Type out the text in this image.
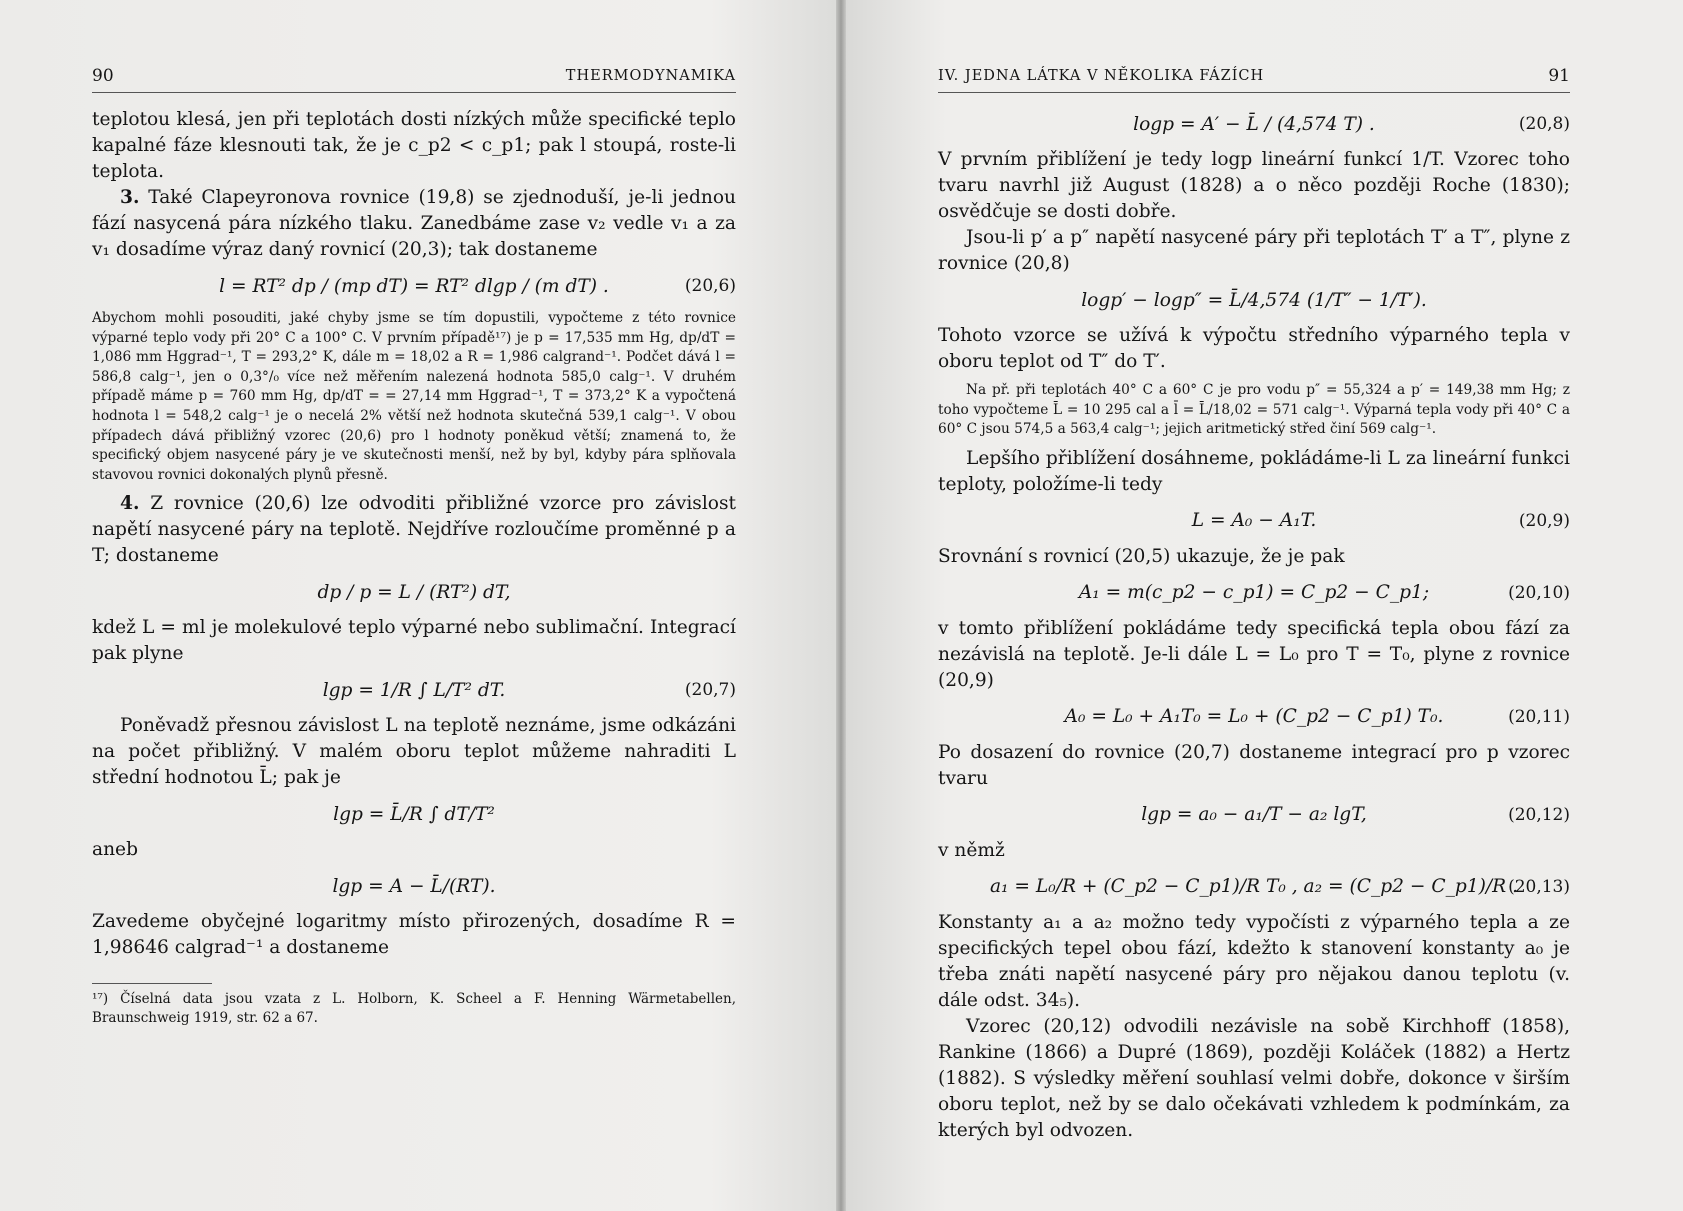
90	THERMODYNAMIKA

teplotou klesá, jen při teplotách dosti nízkých může specifické teplo kapalné fáze klesnouti tak, že je c_p2 < c_p1; pak l stoupá, roste-li teplota.

3. Také Clapeyronova rovnice (19,8) se zjednoduší, je-li jednou fází nasycená pára nízkého tlaku. Zanedbáme zase v₂ vedle v₁ a za v₁ dosadíme výraz daný rovnicí (20,3); tak dostaneme

l = RT² dp / (mp dT) = RT² dlgp / (m dT) .	(20,6)
Abychom mohli posouditi, jaké chyby jsme se tím dopustili, vypočteme z této rovnice výparné teplo vody při 20° C a 100° C. V prvním případě¹⁷) je p = 17,535 mm Hg, dp/dT = 1,086 mm Hggrad⁻¹, T = 293,2° K, dále m = 18,02 a R = 1,986 calgrand⁻¹. Podčet dává l = 586,8 calg⁻¹, jen o 0,3°/₀ více než měřením nalezená hodnota 585,0 calg⁻¹. V druhém případě máme p = 760 mm Hg, dp/dT = = 27,14 mm Hggrad⁻¹, T = 373,2° K a vypočtená hodnota l = 548,2 calg⁻¹ je o necelá 2% větší než hodnota skutečná 539,1 calg⁻¹. V obou případech dává přibližný vzorec (20,6) pro l hodnoty poněkud větší; znamená to, že specifický objem nasycené páry je ve skutečnosti menší, než by byl, kdyby pára splňovala stavovou rovnici dokonalých plynů přesně.

4. Z rovnice (20,6) lze odvoditi přibližné vzorce pro závislost napětí nasycené páry na teplotě. Nejdříve rozloučíme proměnné p a T; dostaneme

dp / p = L / (RT²) dT,

kdež L = ml je molekulové teplo výparné nebo sublimační. Integrací pak plyne

lgp = 1/R ∫ L/T² dT.	(20,7)

Poněvadž přesnou závislost L na teplotě neznáme, jsme odkázáni na počet přibližný. V malém oboru teplot můžeme nahraditi L střední hodnotou L̄; pak je

lgp = L̄/R ∫ dT/T²

aneb

lgp = A − L̄/(RT).

Zavedeme obyčejné logaritmy místo přirozených, dosadíme R = 1,98646 calgrad⁻¹ a dostaneme

¹⁷) Číselná data jsou vzata z L. Holborn, K. Scheel a F. Henning Wärmetabellen, Braunschweig 1919, str. 62 a 67.
IV. JEDNA LÁTKA V NĚKOLIKA FÁZÍCH	91
logp = A′ − L̄ / (4,574 T) .	(20,8)

V prvním přiblížení je tedy logp lineární funkcí 1/T. Vzorec toho tvaru navrhl již August (1828) a o něco později Roche (1830); osvědčuje se dosti dobře.

Jsou-li p′ a p″ napětí nasycené páry při teplotách T′ a T″, plyne z rovnice (20,8)

logp′ − logp″ = L̄/4,574 (1/T″ − 1/T′).

Tohoto vzorce se užívá k výpočtu středního výparného tepla v oboru teplot od T″ do T′.

Na př. při teplotách 40° C a 60° C je pro vodu p″ = 55,324 a p′ = 149,38 mm Hg; z toho vypočteme L̄ = 10 295 cal a l̄ = L̄/18,02 = 571 calg⁻¹. Výparná tepla vody při 40° C a 60° C jsou 574,5 a 563,4 calg⁻¹; jejich aritmetický střed činí 569 calg⁻¹.

Lepšího přiblížení dosáhneme, pokládáme-li L za lineární funkci teploty, položíme-li tedy

L = A₀ − A₁T.	(20,9)

Srovnání s rovnicí (20,5) ukazuje, že je pak

A₁ = m(c_p2 − c_p1) = C_p2 − C_p1;	(20,10)

v tomto přiblížení pokládáme tedy specifická tepla obou fází za nezávislá na teplotě. Je-li dále L = L₀ pro T = T₀, plyne z rovnice (20,9)

A₀ = L₀ + A₁T₀ = L₀ + (C_p2 − C_p1) T₀.	(20,11)

Po dosazení do rovnice (20,7) dostaneme integrací pro p vzorec tvaru

lgp = a₀ − a₁/T − a₂ lgT,	(20,12)

v němž

a₁ = L₀/R + (C_p2 − C_p1)/R T₀ , a₂ = (C_p2 − C_p1)/R .
(20,13)

Konstanty a₁ a a₂ možno tedy vypočísti z výparného tepla a ze specifických tepel obou fází, kdežto k stanovení konstanty a₀ je třeba znáti napětí nasycené páry pro nějakou danou teplotu (v. dále odst. 34₅).

Vzorec (20,12) odvodili nezávisle na sobě Kirchhoff (1858), Rankine (1866) a Dupré (1869), později Koláček (1882) a Hertz (1882). S výsledky měření souhlasí velmi dobře, dokonce v širším oboru teplot, než by se dalo očekávati vzhledem k podmínkám, za kterých byl odvozen.
